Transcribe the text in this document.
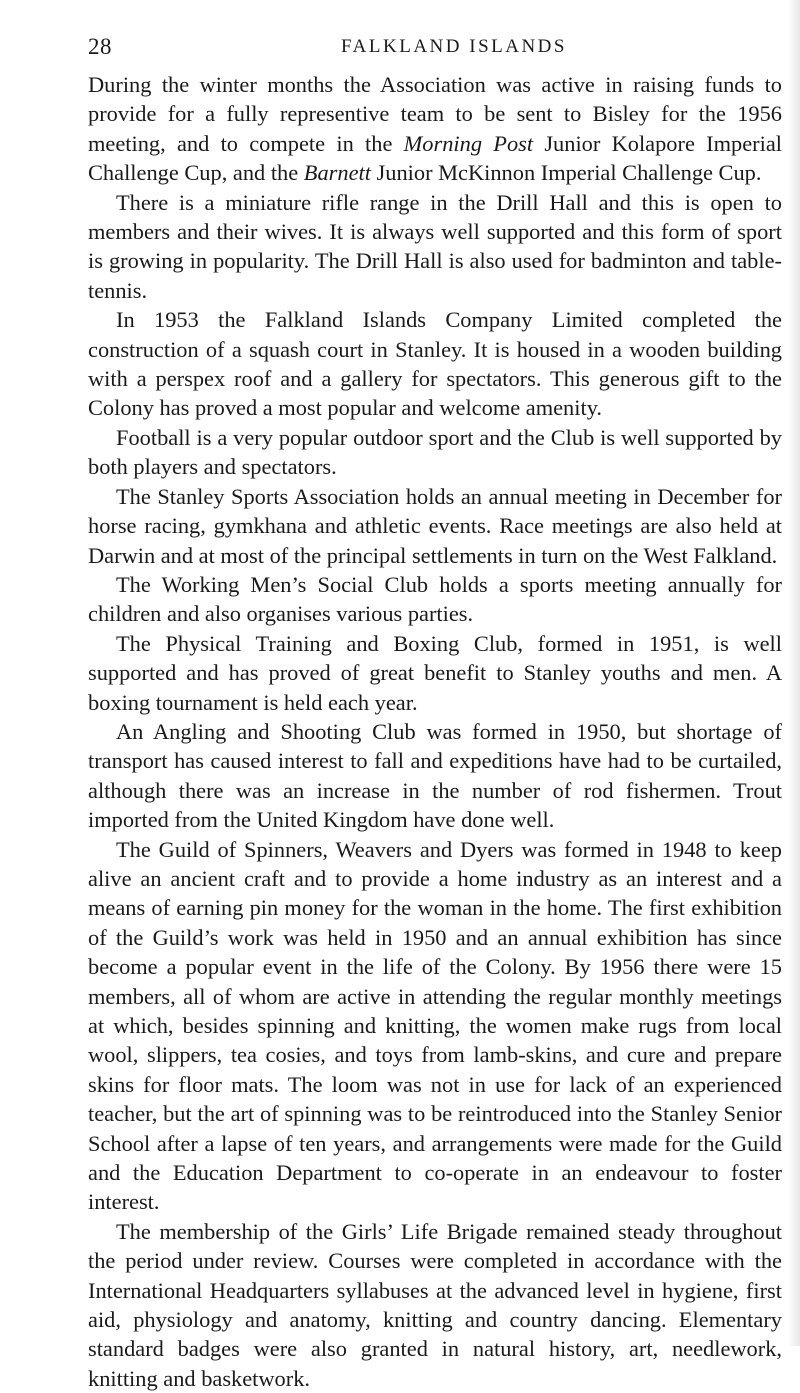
28	FALKLAND ISLANDS

During the winter months the Association was active in raising funds to provide for a fully representive team to be sent to Bisley for the 1956 meeting, and to compete in the Morning Post Junior Kolapore Imperial Challenge Cup, and the Barnett Junior McKinnon Imperial Challenge Cup.

There is a miniature rifle range in the Drill Hall and this is open to members and their wives. It is always well supported and this form of sport is growing in popularity. The Drill Hall is also used for badminton and table-tennis.

In 1953 the Falkland Islands Company Limited completed the construction of a squash court in Stanley. It is housed in a wooden building with a perspex roof and a gallery for spectators. This generous gift to the Colony has proved a most popular and welcome amenity.

Football is a very popular outdoor sport and the Club is well supported by both players and spectators.

The Stanley Sports Association holds an annual meeting in December for horse racing, gymkhana and athletic events. Race meetings are also held at Darwin and at most of the principal settlements in turn on the West Falkland.

The Working Men’s Social Club holds a sports meeting annually for children and also organises various parties.

The Physical Training and Boxing Club, formed in 1951, is well supported and has proved of great benefit to Stanley youths and men. A boxing tournament is held each year.

An Angling and Shooting Club was formed in 1950, but shortage of transport has caused interest to fall and expeditions have had to be curtailed, although there was an increase in the number of rod fishermen. Trout imported from the United Kingdom have done well.

The Guild of Spinners, Weavers and Dyers was formed in 1948 to keep alive an ancient craft and to provide a home industry as an interest and a means of earning pin money for the woman in the home. The first exhibition of the Guild’s work was held in 1950 and an annual exhibition has since become a popular event in the life of the Colony. By 1956 there were 15 members, all of whom are active in attending the regular monthly meetings at which, besides spinning and knitting, the women make rugs from local wool, slippers, tea cosies, and toys from lamb-skins, and cure and prepare skins for floor mats. The loom was not in use for lack of an experienced teacher, but the art of spinning was to be reintroduced into the Stanley Senior School after a lapse of ten years, and arrangements were made for the Guild and the Education Department to co-operate in an endeavour to foster interest.

The membership of the Girls’ Life Brigade remained steady throughout the period under review. Courses were completed in accordance with the International Headquarters syllabuses at the advanced level in hygiene, first aid, physiology and anatomy, knitting and country dancing. Elementary standard badges were also granted in natural history, art, needlework, knitting and basketwork.
